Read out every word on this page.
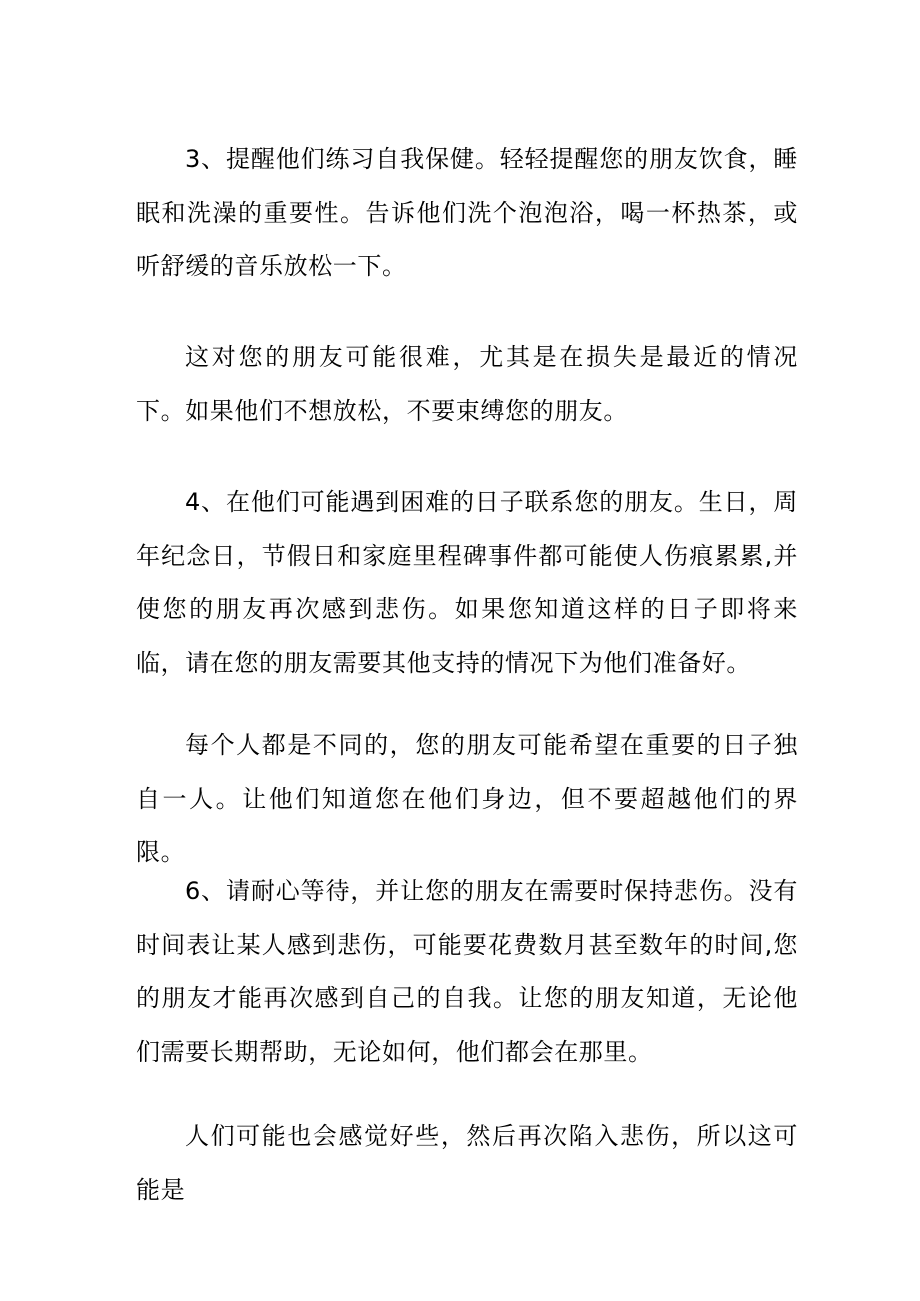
3、提醒他们练习自我保健。轻轻提醒您的朋友饮食，睡眠和洗澡的重要性。告诉他们洗个泡泡浴，喝一杯热茶，或听舒缓的音乐放松一下。

这对您的朋友可能很难，尤其是在损失是最近的情况下。如果他们不想放松，不要束缚您的朋友。

4、在他们可能遇到困难的日子联系您的朋友。生日，周年纪念日，节假日和家庭里程碑事件都可能使人伤痕累累,并使您的朋友再次感到悲伤。如果您知道这样的日子即将来临，请在您的朋友需要其他支持的情况下为他们准备好。

每个人都是不同的，您的朋友可能希望在重要的日子独自一人。让他们知道您在他们身边，但不要超越他们的界限。

6、请耐心等待，并让您的朋友在需要时保持悲伤。没有时间表让某人感到悲伤，可能要花费数月甚至数年的时间,您的朋友才能再次感到自己的自我。让您的朋友知道，无论他们需要长期帮助，无论如何，他们都会在那里。

人们可能也会感觉好些，然后再次陷入悲伤，所以这可能是
